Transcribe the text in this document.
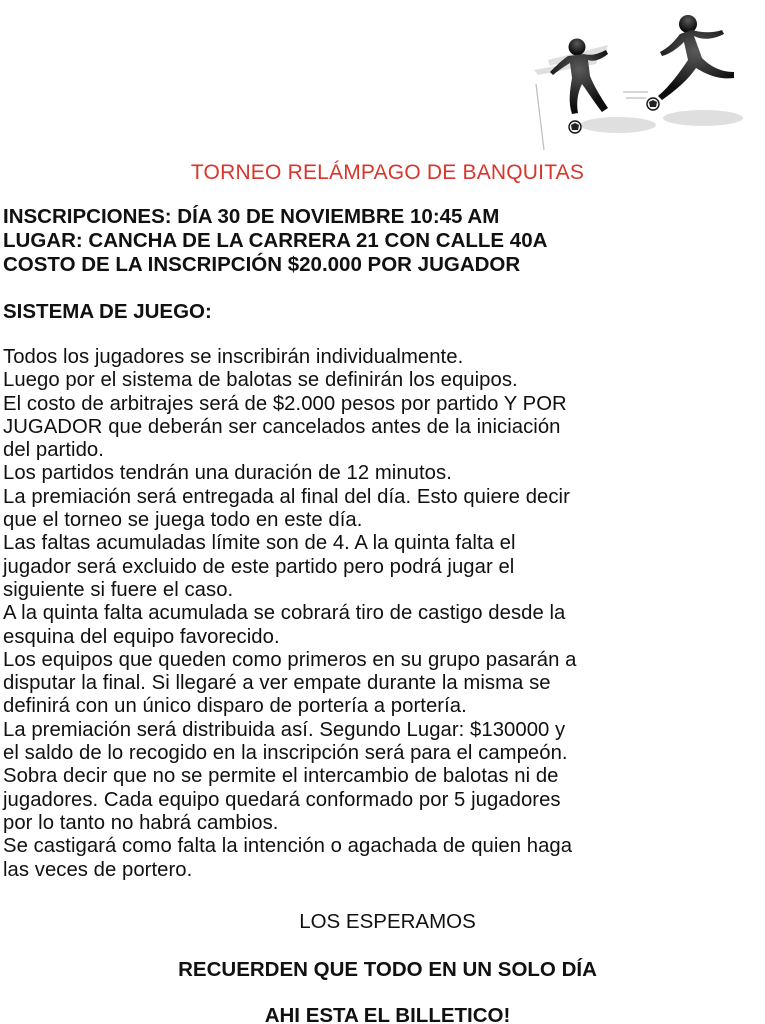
TORNEO RELÁMPAGO DE BANQUITAS
INSCRIPCIONES: DÍA 30 DE NOVIEMBRE 10:45 AM
LUGAR: CANCHA DE LA CARRERA 21 CON CALLE 40A
COSTO DE LA INSCRIPCIÓN $20.000 POR JUGADOR
SISTEMA DE JUEGO:

Todos los jugadores se inscribirán individualmente.

Luego por el sistema de balotas se definirán los equipos.

El costo de arbitrajes será de $2.000 pesos por partido Y POR

JUGADOR que deberán ser cancelados antes de la iniciación

del partido.

Los partidos tendrán una duración de 12 minutos.

La premiación será entregada al final del día. Esto quiere decir

que el torneo se juega todo en este día.

Las faltas acumuladas límite son de 4. A la quinta falta el

jugador será excluido de este partido pero podrá jugar el

siguiente si fuere el caso.

A la quinta falta acumulada se cobrará tiro de castigo desde la

esquina del equipo favorecido.

Los equipos que queden como primeros en su grupo pasarán a

disputar la final. Si llegaré a ver empate durante la misma se

definirá con un único disparo de portería a portería.

La premiación será distribuida así. Segundo Lugar: $130000 y

el saldo de lo recogido en la inscripción será para el campeón.

Sobra decir que no se permite el intercambio de balotas ni de

jugadores. Cada equipo quedará conformado por 5 jugadores

por lo tanto no habrá cambios.

Se castigará como falta la intención o agachada de quien haga

las veces de portero.

LOS ESPERAMOS
RECUERDEN QUE TODO EN UN SOLO DÍA
AHI ESTA EL BILLETICO!
